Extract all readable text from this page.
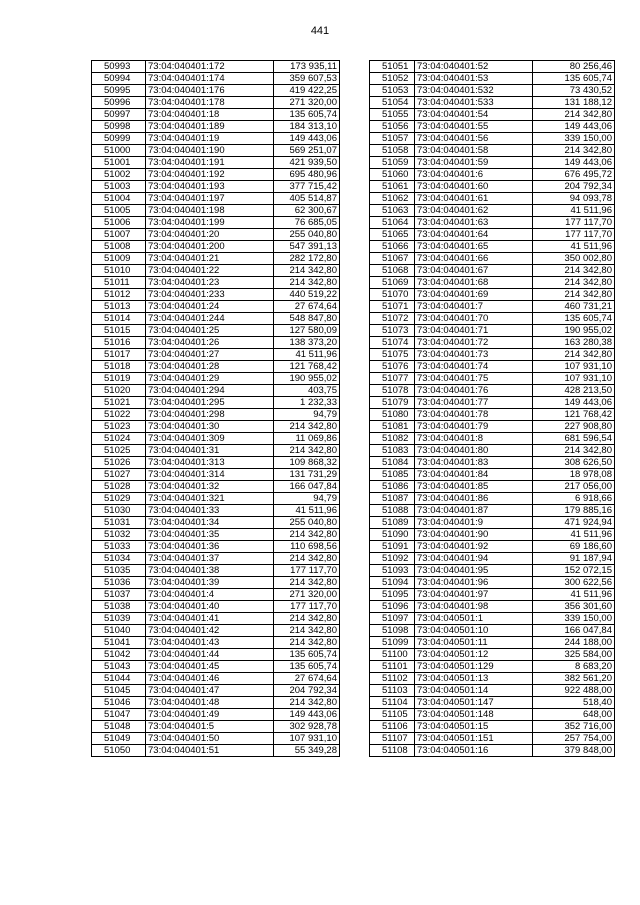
441
50993	73:04:040401:172	173 935,11
50994	73:04:040401:174	359 607,53
50995	73:04:040401:176	419 422,25
50996	73:04:040401:178	271 320,00
50997	73:04:040401:18	135 605,74
50998	73:04:040401:189	184 313,10
50999	73:04:040401:19	149 443,06
51000	73:04:040401:190	569 251,07
51001	73:04:040401:191	421 939,50
51002	73:04:040401:192	695 480,96
51003	73:04:040401:193	377 715,42
51004	73:04:040401:197	405 514,87
51005	73:04:040401:198	62 300,67
51006	73:04:040401:199	76 685,05
51007	73:04:040401:20	255 040,80
51008	73:04:040401:200	547 391,13
51009	73:04:040401:21	282 172,80
51010	73:04:040401:22	214 342,80
51011	73:04:040401:23	214 342,80
51012	73:04:040401:233	440 519,22
51013	73:04:040401:24	27 674,64
51014	73:04:040401:244	548 847,80
51015	73:04:040401:25	127 580,09
51016	73:04:040401:26	138 373,20
51017	73:04:040401:27	41 511,96
51018	73:04:040401:28	121 768,42
51019	73:04:040401:29	190 955,02
51020	73:04:040401:294	403,75
51021	73:04:040401:295	1 232,33
51022	73:04:040401:298	94,79
51023	73:04:040401:30	214 342,80
51024	73:04:040401:309	11 069,86
51025	73:04:040401:31	214 342,80
51026	73:04:040401:313	109 868,32
51027	73:04:040401:314	131 731,29
51028	73:04:040401:32	166 047,84
51029	73:04:040401:321	94,79
51030	73:04:040401:33	41 511,96
51031	73:04:040401:34	255 040,80
51032	73:04:040401:35	214 342,80
51033	73:04:040401:36	110 698,56
51034	73:04:040401:37	214 342,80
51035	73:04:040401:38	177 117,70
51036	73:04:040401:39	214 342,80
51037	73:04:040401:4	271 320,00
51038	73:04:040401:40	177 117,70
51039	73:04:040401:41	214 342,80
51040	73:04:040401:42	214 342,80
51041	73:04:040401:43	214 342,80
51042	73:04:040401:44	135 605,74
51043	73:04:040401:45	135 605,74
51044	73:04:040401:46	27 674,64
51045	73:04:040401:47	204 792,34
51046	73:04:040401:48	214 342,80
51047	73:04:040401:49	149 443,06
51048	73:04:040401:5	302 928,78
51049	73:04:040401:50	107 931,10
51050	73:04:040401:51	55 349,28
51051	73:04:040401:52	80 256,46
51052	73:04:040401:53	135 605,74
51053	73:04:040401:532	73 430,52
51054	73:04:040401:533	131 188,12
51055	73:04:040401:54	214 342,80
51056	73:04:040401:55	149 443,06
51057	73:04:040401:56	339 150,00
51058	73:04:040401:58	214 342,80
51059	73:04:040401:59	149 443,06
51060	73:04:040401:6	676 495,72
51061	73:04:040401:60	204 792,34
51062	73:04:040401:61	94 093,78
51063	73:04:040401:62	41 511,96
51064	73:04:040401:63	177 117,70
51065	73:04:040401:64	177 117,70
51066	73:04:040401:65	41 511,96
51067	73:04:040401:66	350 002,80
51068	73:04:040401:67	214 342,80
51069	73:04:040401:68	214 342,80
51070	73:04:040401:69	214 342,80
51071	73:04:040401:7	460 731,21
51072	73:04:040401:70	135 605,74
51073	73:04:040401:71	190 955,02
51074	73:04:040401:72	163 280,38
51075	73:04:040401:73	214 342,80
51076	73:04:040401:74	107 931,10
51077	73:04:040401:75	107 931,10
51078	73:04:040401:76	428 213,50
51079	73:04:040401:77	149 443,06
51080	73:04:040401:78	121 768,42
51081	73:04:040401:79	227 908,80
51082	73:04:040401:8	681 596,54
51083	73:04:040401:80	214 342,80
51084	73:04:040401:83	308 626,50
51085	73:04:040401:84	18 978,08
51086	73:04:040401:85	217 056,00
51087	73:04:040401:86	6 918,66
51088	73:04:040401:87	179 885,16
51089	73:04:040401:9	471 924,94
51090	73:04:040401:90	41 511,96
51091	73:04:040401:92	69 186,60
51092	73:04:040401:94	91 187,94
51093	73:04:040401:95	152 072,15
51094	73:04:040401:96	300 622,56
51095	73:04:040401:97	41 511,96
51096	73:04:040401:98	356 301,60
51097	73:04:040501:1	339 150,00
51098	73:04:040501:10	166 047,84
51099	73:04:040501:11	244 188,00
51100	73:04:040501:12	325 584,00
51101	73:04:040501:129	8 683,20
51102	73:04:040501:13	382 561,20
51103	73:04:040501:14	922 488,00
51104	73:04:040501:147	518,40
51105	73:04:040501:148	648,00
51106	73:04:040501:15	352 716,00
51107	73:04:040501:151	257 754,00
51108	73:04:040501:16	379 848,00
